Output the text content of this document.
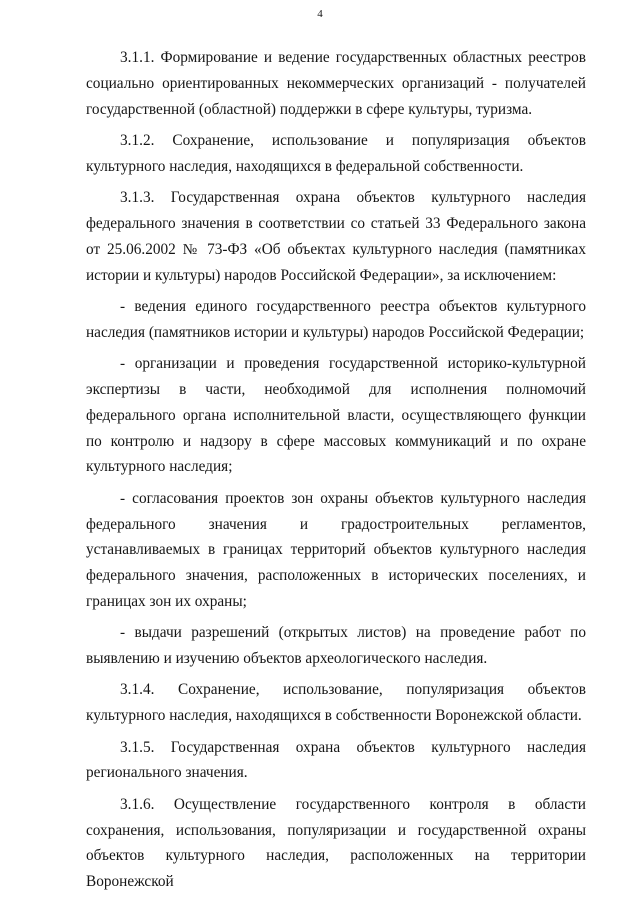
4

3.1.1. Формирование и ведение государственных областных реестров социально ориентированных некоммерческих организаций - получателей государственной (областной) поддержки в сфере культуры, туризма.

3.1.2. Сохранение, использование и популяризация объектов культурного наследия, находящихся в федеральной собственности.

3.1.3. Государственная охрана объектов культурного наследия федерального значения в соответствии со статьей 33 Федерального закона от 25.06.2002 № 73-ФЗ «Об объектах культурного наследия (памятниках истории и культуры) народов Российской Федерации», за исключением:

- ведения единого государственного реестра объектов культурного наследия (памятников истории и культуры) народов Российской Федерации;

- организации и проведения государственной историко-культурной экспертизы в части, необходимой для исполнения полномочий федерального органа исполнительной власти, осуществляющего функции по контролю и надзору в сфере массовых коммуникаций и по охране культурного наследия;

- согласования проектов зон охраны объектов культурного наследия федерального значения и градостроительных регламентов, устанавливаемых в границах территорий объектов культурного наследия федерального значения, расположенных в исторических поселениях, и границах зон их охраны;

- выдачи разрешений (открытых листов) на проведение работ по выявлению и изучению объектов археологического наследия.

3.1.4. Сохранение, использование, популяризация объектов культурного наследия, находящихся в собственности Воронежской области.

3.1.5. Государственная охрана объектов культурного наследия регионального значения.

3.1.6. Осуществление государственного контроля в области сохранения, использования, популяризации и государственной охраны объектов культурного наследия, расположенных на территории Воронежской
